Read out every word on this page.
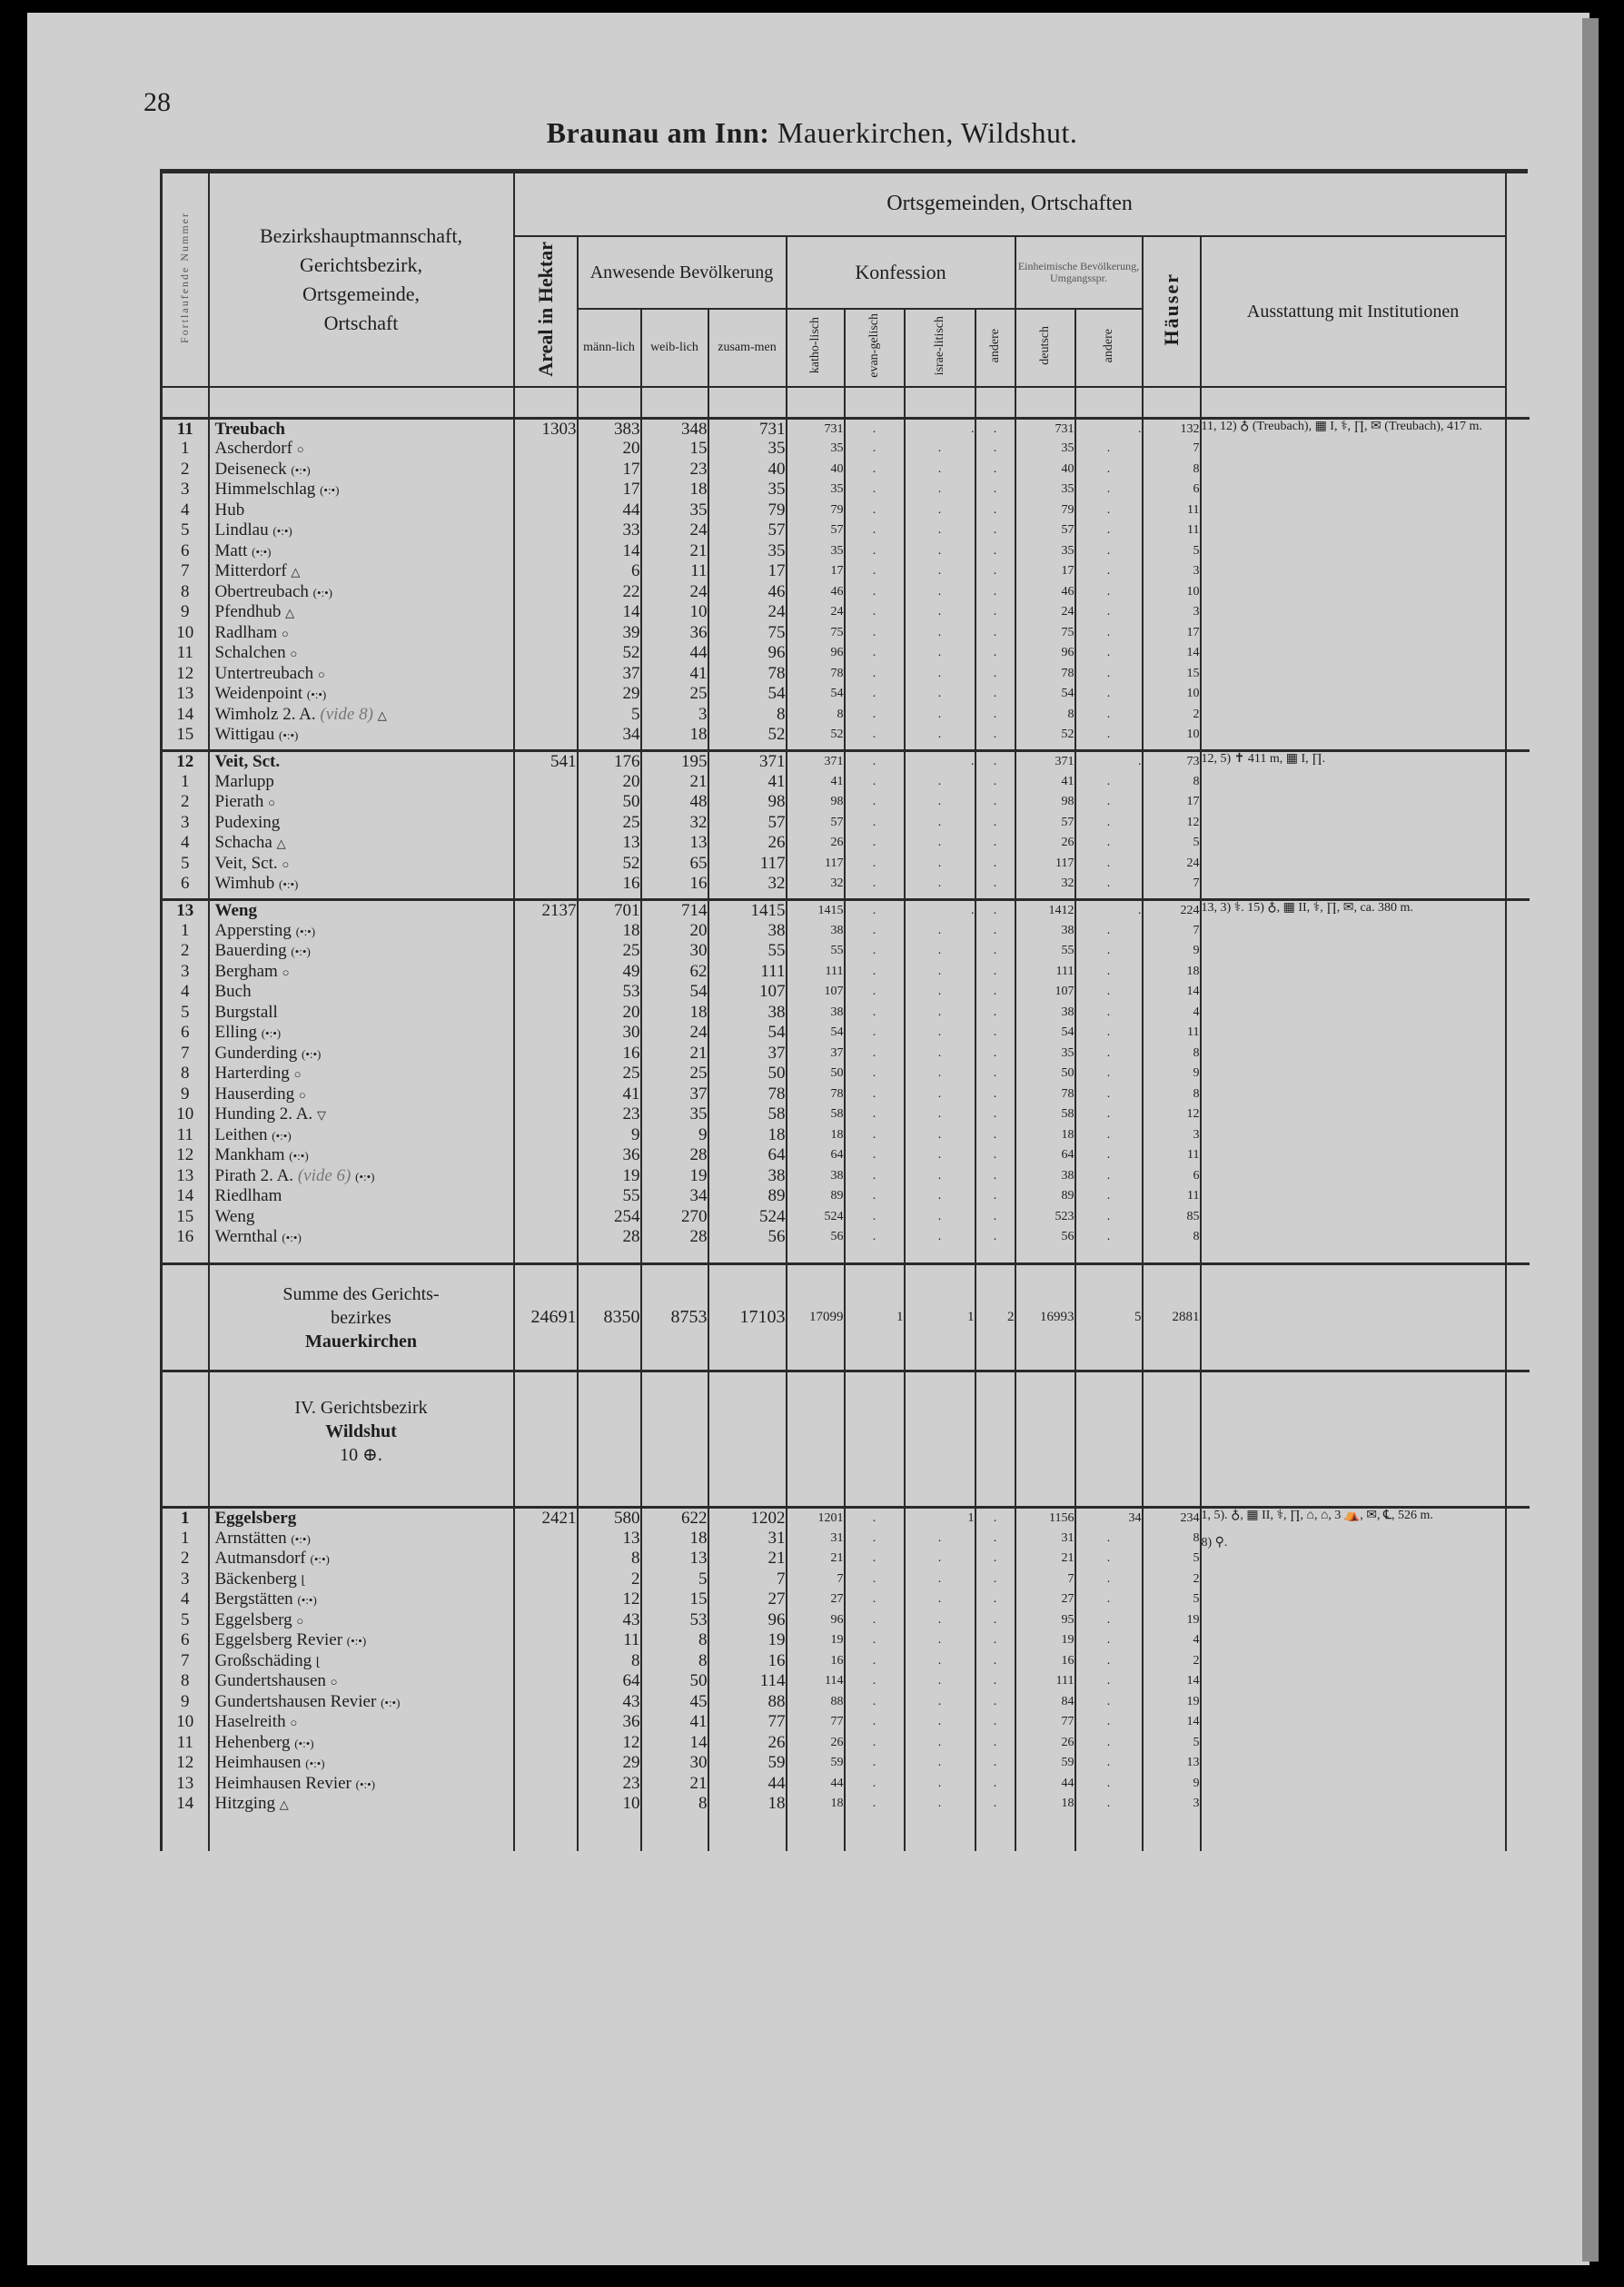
28
Braunau am Inn: Mauerkirchen, Wildshut.
Fortlaufende Nummer	Bezirkshauptmannschaft,
Gerichtsbezirk,
Ortsgemeinde,
Ortschaft	Ortsgemeinden, Ortschaften												
		Areal in Hektar	Anwesende Bevölkerung			Konfession				Einheimische Bevölkerung, Umgangsspr.		Häuser	Ausstattung mit Institutionen	
			männ-lich	weib-lich	zusam-men	katho-lisch	evan-gelisch	israe-litisch	andere	deutsch	andere			

11	Treubach	1303	383	348	731	731	.	.	.	731	.	132	11, 12) ♁ (Treubach), ▦ I, ⚕, ∏, ✉ (Treubach), 417 m.	

1	Ascherdorf ○		20	15	35	35	.	.	.	35	.	7		
2	Deiseneck (•:•)		17	23	40	40	.	.	.	40	.	8		
3	Himmelschlag (•:•)		17	18	35	35	.	.	.	35	.	6		
4	Hub		44	35	79	79	.	.	.	79	.	11		
5	Lindlau (•:•)		33	24	57	57	.	.	.	57	.	11		
6	Matt (•:•)		14	21	35	35	.	.	.	35	.	5		
7	Mitterdorf △		6	11	17	17	.	.	.	17	.	3		
8	Obertreubach (•:•)		22	24	46	46	.	.	.	46	.	10		
9	Pfendhub △		14	10	24	24	.	.	.	24	.	3		
10	Radlham ○		39	36	75	75	.	.	.	75	.	17		
11	Schalchen ○		52	44	96	96	.	.	.	96	.	14		
12	Untertreubach ○		37	41	78	78	.	.	.	78	.	15		
13	Weidenpoint (•:•)		29	25	54	54	.	.	.	54	.	10		
14	Wimholz 2. A. (vide 8) △		5	3	8	8	.	.	.	8	.	2		
15	Wittigau (•:•)		34	18	52	52	.	.	.	52	.	10		

12	Veit, Sct.	541	176	195	371	371	.	.	.	371	.	73	12, 5) ✝ 411 m, ▦ I, ∏.	

1	Marlupp		20	21	41	41	.	.	.	41	.	8		
2	Pierath ○		50	48	98	98	.	.	.	98	.	17		
3	Pudexing		25	32	57	57	.	.	.	57	.	12		
4	Schacha △		13	13	26	26	.	.	.	26	.	5		
5	Veit, Sct. ○		52	65	117	117	.	.	.	117	.	24		
6	Wimhub (•:•)		16	16	32	32	.	.	.	32	.	7		

13	Weng	2137	701	714	1415	1415	.	.	.	1412	.	224	13, 3) ⚕. 15) ♁, ▦ II, ⚕, ∏, ✉, ca. 380 m.	

1	Appersting (•:•)		18	20	38	38	.	.	.	38	.	7		
2	Bauerding (•:•)		25	30	55	55	.	.	.	55	.	9		
3	Bergham ○		49	62	111	111	.	.	.	111	.	18		
4	Buch		53	54	107	107	.	.	.	107	.	14		
5	Burgstall		20	18	38	38	.	.	.	38	.	4		
6	Elling (•:•)		30	24	54	54	.	.	.	54	.	11		
7	Gunderding (•:•)		16	21	37	37	.	.	.	35	.	8		
8	Harterding ○		25	25	50	50	.	.	.	50	.	9		
9	Hauserding ○		41	37	78	78	.	.	.	78	.	8		
10	Hunding 2. A. ▽		23	35	58	58	.	.	.	58	.	12		
11	Leithen (•:•)		9	9	18	18	.	.	.	18	.	3		
12	Mankham (•:•)		36	28	64	64	.	.	.	64	.	11		
13	Pirath 2. A. (vide 6) (•:•)		19	19	38	38	.	.	.	38	.	6		
14	Riedlham		55	34	89	89	.	.	.	89	.	11		
15	Weng		254	270	524	524	.	.	.	523	.	85		
16	Wernthal (•:•)		28	28	56	56	.	.	.	56	.	8		

	Summe des Gerichts-
bezirkes
Mauerkirchen	24691	8350	8753	17103	17099	1	1	2	16993	5	2881		

	IV. Gerichtsbezirk
Wildshut
10 ⊕.													

1	Eggelsberg	2421	580	622	1202	1201	.	1	.	1156	34	234	1, 5). ♁, ▦ II, ⚕, ∏, ⌂, ⌂, 3 ⛺, ✉, ℄, 526 m.
8) ⚲.	

1	Arnstätten (•:•)		13	18	31	31	.	.	.	31	.	8		
2	Autmansdorf (•:•)		8	13	21	21	.	.	.	21	.	5		
3	Bäckenberg ⌊		2	5	7	7	.	.	.	7	.	2		
4	Bergstätten (•:•)		12	15	27	27	.	.	.	27	.	5		
5	Eggelsberg ○		43	53	96	96	.	.	.	95	.	19		
6	Eggelsberg Revier (•:•)		11	8	19	19	.	.	.	19	.	4		
7	Großschäding ⌊		8	8	16	16	.	.	.	16	.	2		
8	Gundertshausen ○		64	50	114	114	.	.	.	111	.	14		
9	Gundertshausen Revier (•:•)		43	45	88	88	.	.	.	84	.	19		
10	Haselreith ○		36	41	77	77	.	.	.	77	.	14		
11	Hehenberg (•:•)		12	14	26	26	.	.	.	26	.	5		
12	Heimhausen (•:•)		29	30	59	59	.	.	.	59	.	13		
13	Heimhausen Revier (•:•)		23	21	44	44	.	.	.	44	.	9		
14	Hitzging △		10	8	18	18	.	.	.	18	.	3		
